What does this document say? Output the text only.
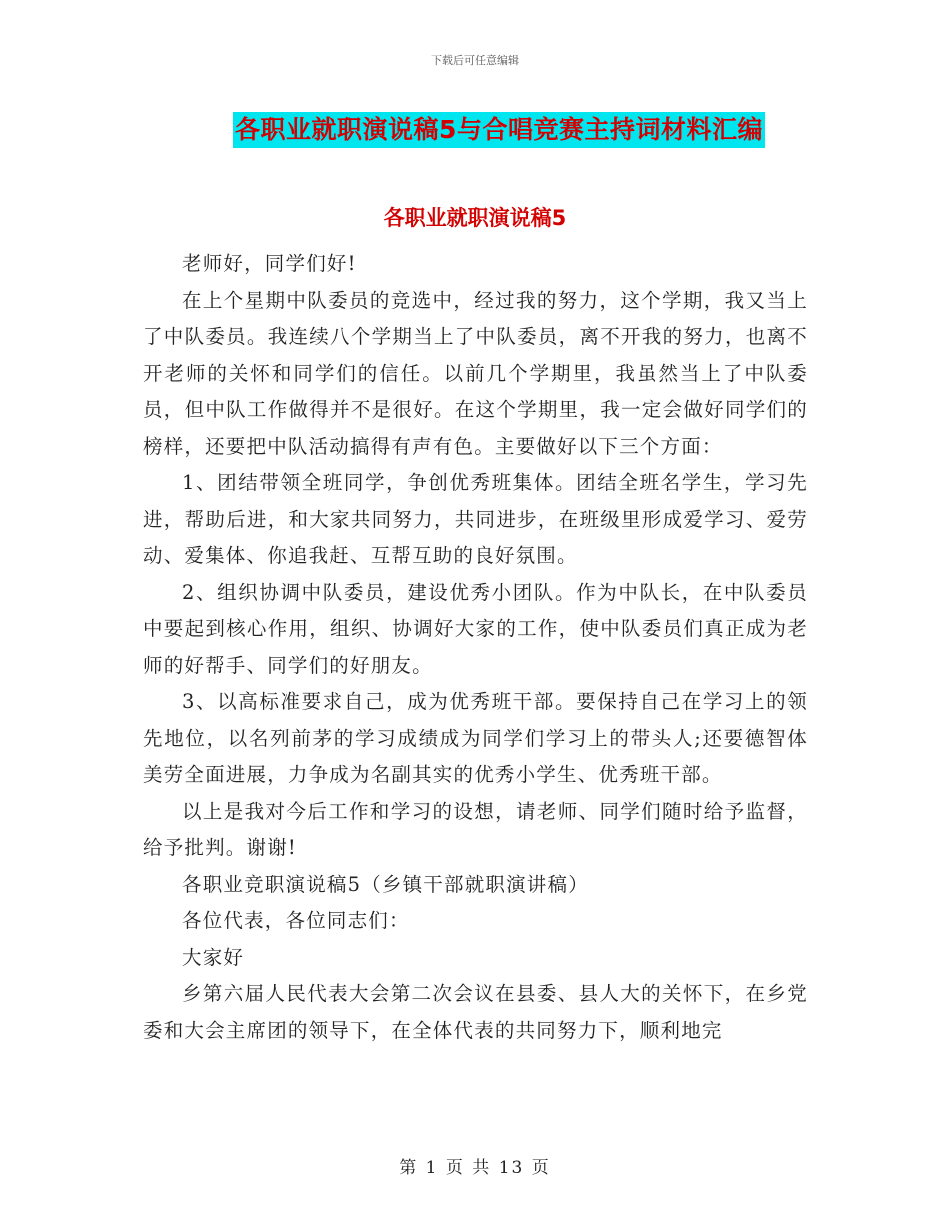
下载后可任意编辑
各职业就职演说稿5与合唱竞赛主持词材料汇编
各职业就职演说稿5

老师好，同学们好!

在上个星期中队委员的竞选中，经过我的努力，这个学期，我又当上了中队委员。我连续八个学期当上了中队委员，离不开我的努力，也离不开老师的关怀和同学们的信任。以前几个学期里，我虽然当上了中队委员，但中队工作做得并不是很好。在这个学期里，我一定会做好同学们的榜样，还要把中队活动搞得有声有色。主要做好以下三个方面：

1、团结带领全班同学，争创优秀班集体。团结全班名学生，学习先进，帮助后进，和大家共同努力，共同进步，在班级里形成爱学习、爱劳动、爱集体、你追我赶、互帮互助的良好氛围。

2、组织协调中队委员，建设优秀小团队。作为中队长，在中队委员中要起到核心作用，组织、协调好大家的工作，使中队委员们真正成为老师的好帮手、同学们的好朋友。

3、以高标准要求自己，成为优秀班干部。要保持自己在学习上的领先地位，以名列前茅的学习成绩成为同学们学习上的带头人;还要德智体美劳全面进展，力争成为名副其实的优秀小学生、优秀班干部。

以上是我对今后工作和学习的设想，请老师、同学们随时给予监督，给予批判。谢谢!

各职业竞职演说稿5（乡镇干部就职演讲稿）

各位代表，各位同志们：

大家好

乡第六届人民代表大会第二次会议在县委、县人大的关怀下，在乡党委和大会主席团的领导下，在全体代表的共同努力下，顺利地完

第 1 页 共 13 页
